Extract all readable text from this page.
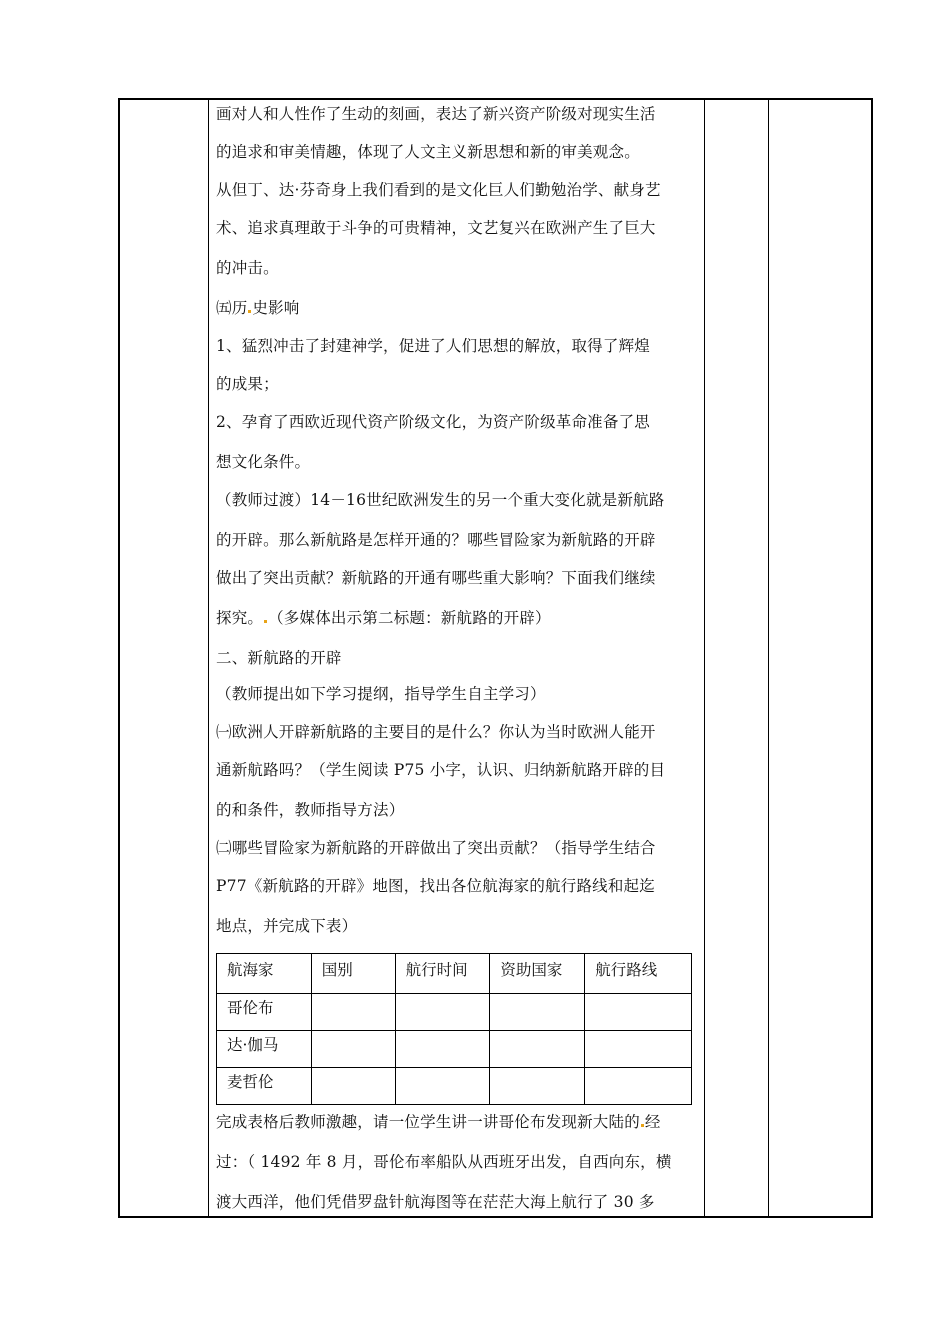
画对人和人性作了生动的刻画，表达了新兴资产阶级对现实生活
的追求和审美情趣，体现了人文主义新思想和新的审美观念。
从但丁、达·芬奇身上我们看到的是文化巨人们勤勉治学、献身艺
术、追求真理敢于斗争的可贵精神，文艺复兴在欧洲产生了巨大
的冲击。
㈤历 史影响
1、猛烈冲击了封建神学，促进了人们思想的解放，取得了辉煌
的成果；
2、孕育了西欧近现代资产阶级文化，为资产阶级革命准备了思
想文化条件。
（教师过渡）14－16世纪欧洲发生的另一个重大变化就是新航路
的开辟。那么新航路是怎样开通的？哪些冒险家为新航路的开辟
做出了突出贡献？新航路的开通有哪些重大影响？下面我们继续
探究。 （多媒体出示第二标题：新航路的开辟）
二、新航路的开辟
（教师提出如下学习提纲，指导学生自主学习）
㈠欧洲人开辟新航路的主要目的是什么？你认为当时欧洲人能开
通新航路吗？（学生阅读 P75 小字，认识、归纳新航路开辟的目
的和条件，教师指导方法）
㈡哪些冒险家为新航路的开辟做出了突出贡献？（指导学生结合
P77《新航路的开辟》地图，找出各位航海家的航行路线和起迄
地点，并完成下表）
完成表格后教师激趣，请一位学生讲一讲哥伦布发现新大陆的 经
过：（ 1492 年 8 月，哥伦布率船队从西班牙出发，自西向东，横
渡大西洋，他们凭借罗盘针航海图等在茫茫大海上航行了 30 多
航海家	国别	航行时间	资助国家	航行路线
哥伦布				
达·伽马				
麦哲伦				
